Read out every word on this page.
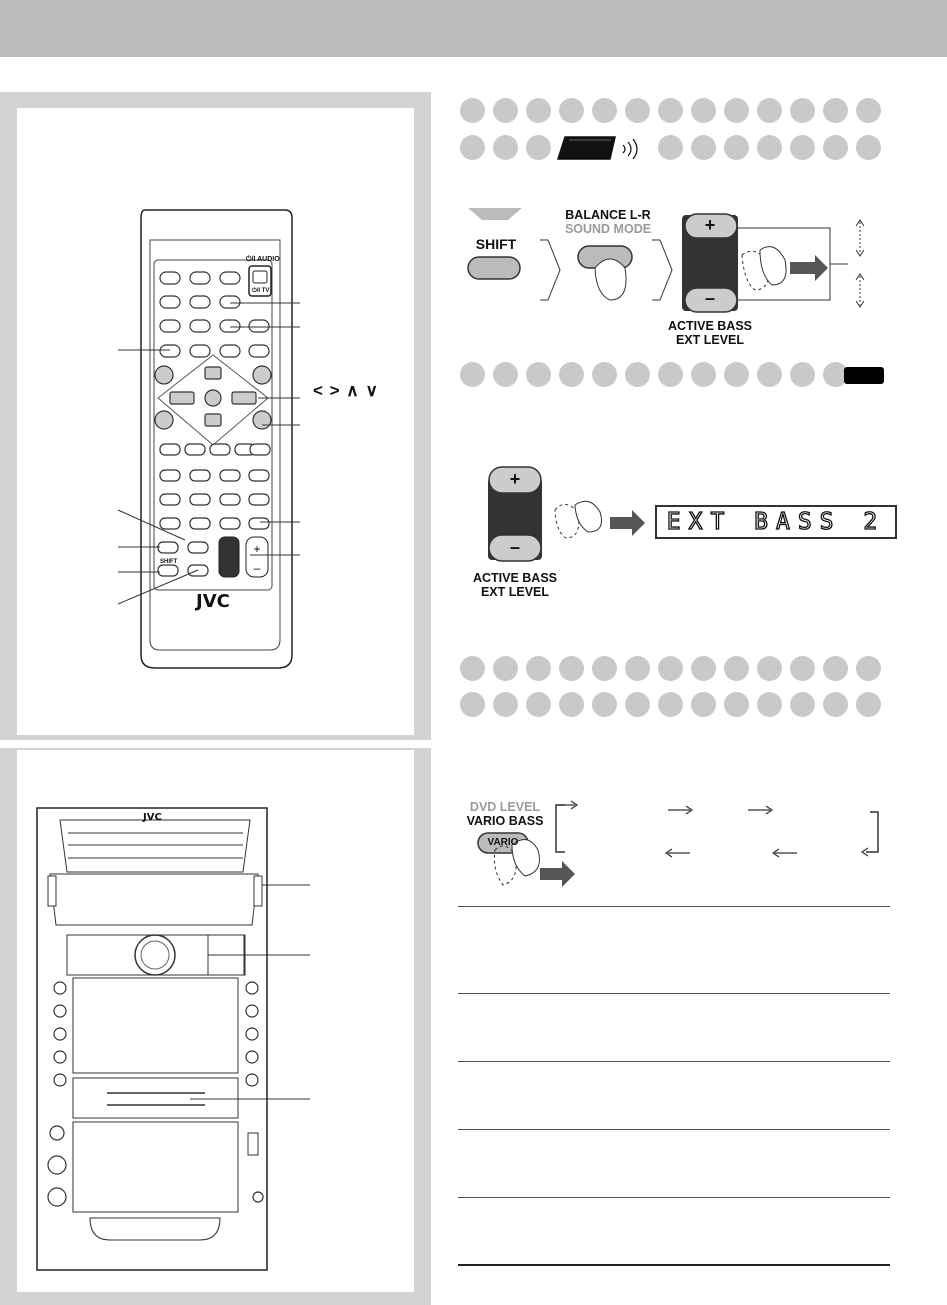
+
–
JVC
⏻/I AUDIO
⏻/I TV
SHIFT
< > ∧ ∨
JVC
SHIFT
BALANCE L-R
SOUND MODE	+
–
ACTIVE BASS
EXT LEVEL
+
–
EXT BASS 2
ACTIVE BASS
EXT LEVEL
DVD LEVEL
VARIO BASS
VARIO
